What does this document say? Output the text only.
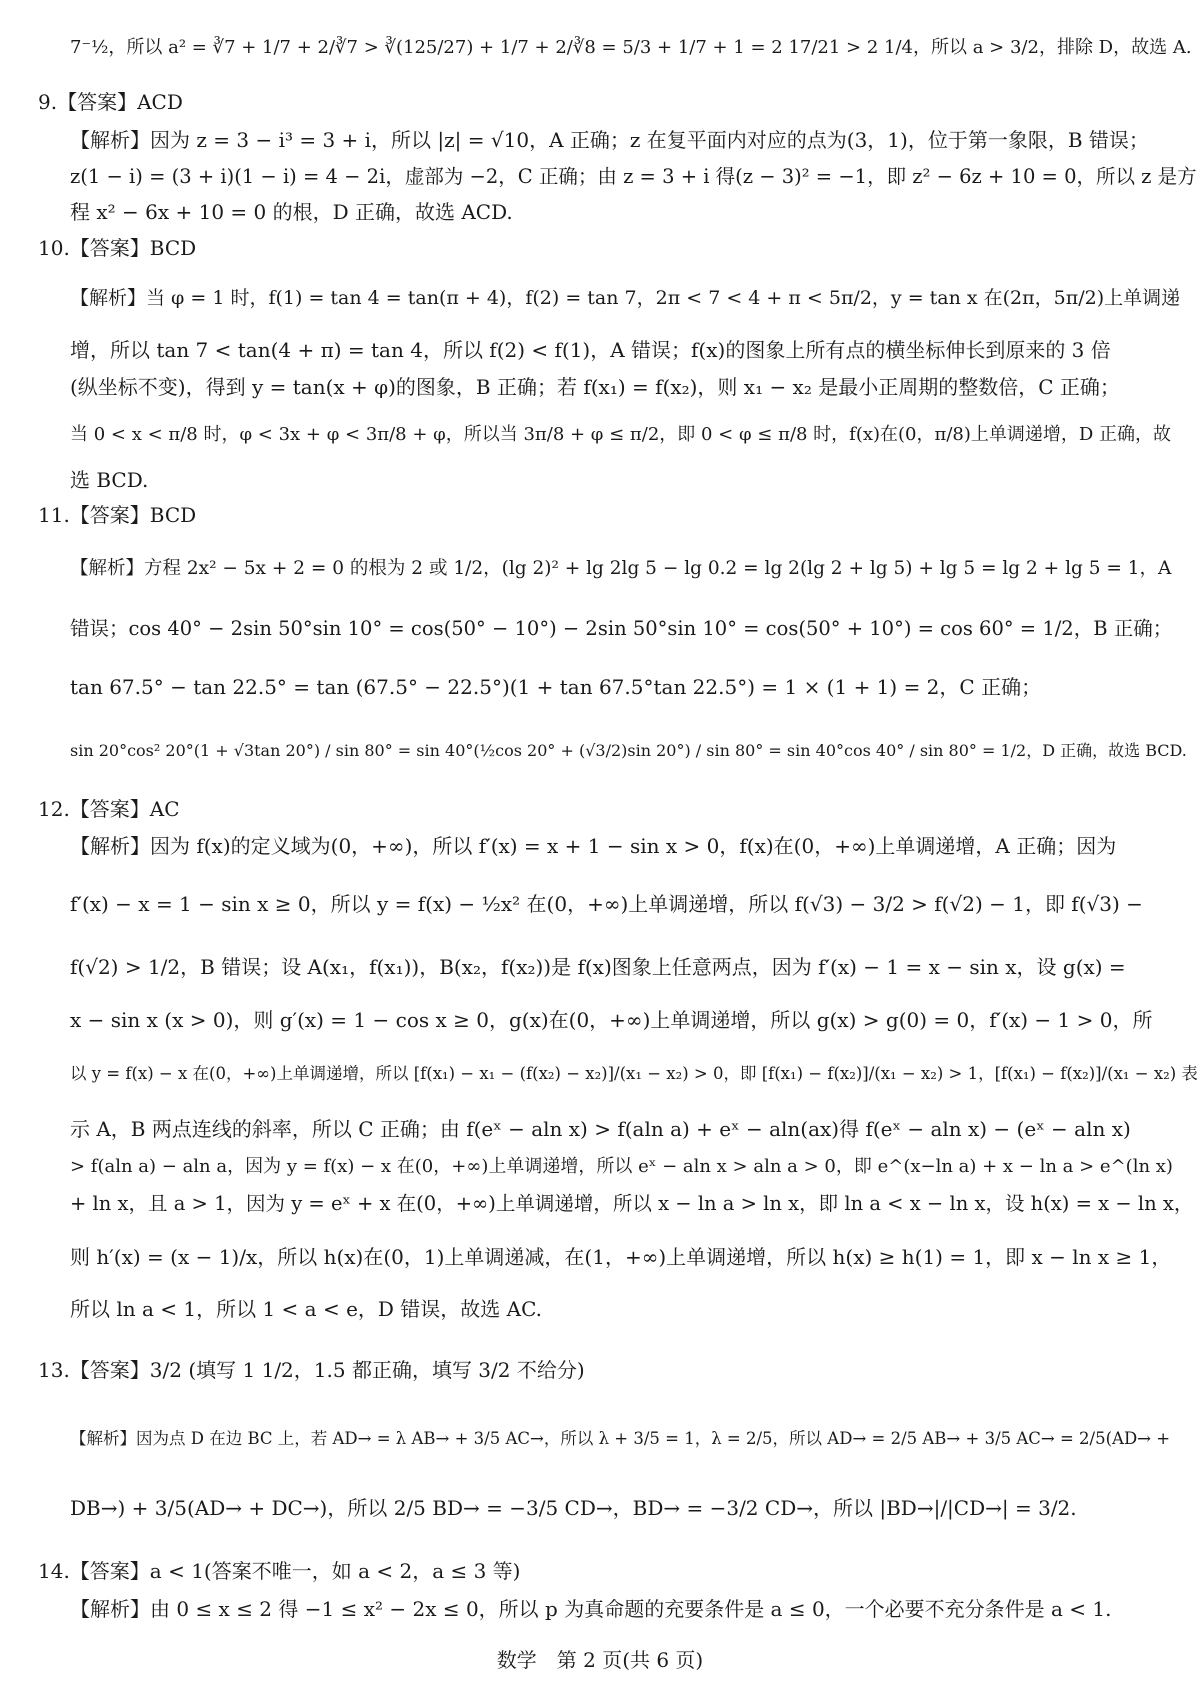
7⁻½，所以 a² = ∛7 + 1/7 + 2/∛7 > ∛(125/27) + 1/7 + 2/∛8 = 5/3 + 1/7 + 1 = 2 17/21 > 2 1/4，所以 a > 3/2，排除 D，故选 A.
9.【答案】ACD
【解析】因为 z = 3 − i³ = 3 + i，所以 |z| = √10，A 正确；z 在复平面内对应的点为(3，1)，位于第一象限，B 错误；
z(1 − i) = (3 + i)(1 − i) = 4 − 2i，虚部为 −2，C 正确；由 z = 3 + i 得(z − 3)² = −1，即 z² − 6z + 10 = 0，所以 z 是方
程 x² − 6x + 10 = 0 的根，D 正确，故选 ACD.
10.【答案】BCD
【解析】当 φ = 1 时，f(1) = tan 4 = tan(π + 4)，f(2) = tan 7，2π < 7 < 4 + π < 5π/2，y = tan x 在(2π，5π/2)上单调递
增，所以 tan 7 < tan(4 + π) = tan 4，所以 f(2) < f(1)，A 错误；f(x)的图象上所有点的横坐标伸长到原来的 3 倍
(纵坐标不变)，得到 y = tan(x + φ)的图象，B 正确；若 f(x₁) = f(x₂)，则 x₁ − x₂ 是最小正周期的整数倍，C 正确；
当 0 < x < π/8 时，φ < 3x + φ < 3π/8 + φ，所以当 3π/8 + φ ≤ π/2，即 0 < φ ≤ π/8 时，f(x)在(0，π/8)上单调递增，D 正确，故
选 BCD.
11.【答案】BCD
【解析】方程 2x² − 5x + 2 = 0 的根为 2 或 1/2，(lg 2)² + lg 2lg 5 − lg 0.2 = lg 2(lg 2 + lg 5) + lg 5 = lg 2 + lg 5 = 1，A
错误；cos 40° − 2sin 50°sin 10° = cos(50° − 10°) − 2sin 50°sin 10° = cos(50° + 10°) = cos 60° = 1/2，B 正确；
tan 67.5° − tan 22.5° = tan (67.5° − 22.5°)(1 + tan 67.5°tan 22.5°) = 1 × (1 + 1) = 2，C 正确；
sin 20°cos² 20°(1 + √3tan 20°) / sin 80° = sin 40°(½cos 20° + (√3/2)sin 20°) / sin 80° = sin 40°cos 40° / sin 80° = 1/2，D 正确，故选 BCD.
12.【答案】AC
【解析】因为 f(x)的定义域为(0，+∞)，所以 f′(x) = x + 1 − sin x > 0，f(x)在(0，+∞)上单调递增，A 正确；因为
f′(x) − x = 1 − sin x ≥ 0，所以 y = f(x) − ½x² 在(0，+∞)上单调递增，所以 f(√3) − 3/2 > f(√2) − 1，即 f(√3) −
f(√2) > 1/2，B 错误；设 A(x₁，f(x₁))，B(x₂，f(x₂))是 f(x)图象上任意两点，因为 f′(x) − 1 = x − sin x，设 g(x) =
x − sin x (x > 0)，则 g′(x) = 1 − cos x ≥ 0，g(x)在(0，+∞)上单调递增，所以 g(x) > g(0) = 0，f′(x) − 1 > 0，所
以 y = f(x) − x 在(0，+∞)上单调递增，所以 [f(x₁) − x₁ − (f(x₂) − x₂)]/(x₁ − x₂) > 0，即 [f(x₁) − f(x₂)]/(x₁ − x₂) > 1，[f(x₁) − f(x₂)]/(x₁ − x₂) 表
示 A，B 两点连线的斜率，所以 C 正确；由 f(eˣ − aln x) > f(aln a) + eˣ − aln(ax)得 f(eˣ − aln x) − (eˣ − aln x)
> f(aln a) − aln a，因为 y = f(x) − x 在(0，+∞)上单调递增，所以 eˣ − aln x > aln a > 0，即 e^(x−ln a) + x − ln a > e^(ln x)
+ ln x，且 a > 1，因为 y = eˣ + x 在(0，+∞)上单调递增，所以 x − ln a > ln x，即 ln a < x − ln x，设 h(x) = x − ln x，
则 h′(x) = (x − 1)/x，所以 h(x)在(0，1)上单调递减，在(1，+∞)上单调递增，所以 h(x) ≥ h(1) = 1，即 x − ln x ≥ 1，
所以 ln a < 1，所以 1 < a < e，D 错误，故选 AC.
13.【答案】3/2 (填写 1 1/2，1.5 都正确，填写 3/2 不给分)
【解析】因为点 D 在边 BC 上，若 AD→ = λ AB→ + 3/5 AC→，所以 λ + 3/5 = 1，λ = 2/5，所以 AD→ = 2/5 AB→ + 3/5 AC→ = 2/5(AD→ +
DB→) + 3/5(AD→ + DC→)，所以 2/5 BD→ = −3/5 CD→，BD→ = −3/2 CD→，所以 |BD→|/|CD→| = 3/2.
14.【答案】a < 1(答案不唯一，如 a < 2，a ≤ 3 等)
【解析】由 0 ≤ x ≤ 2 得 −1 ≤ x² − 2x ≤ 0，所以 p 为真命题的充要条件是 a ≤ 0，一个必要不充分条件是 a < 1.
数学　第 2 页(共 6 页)
